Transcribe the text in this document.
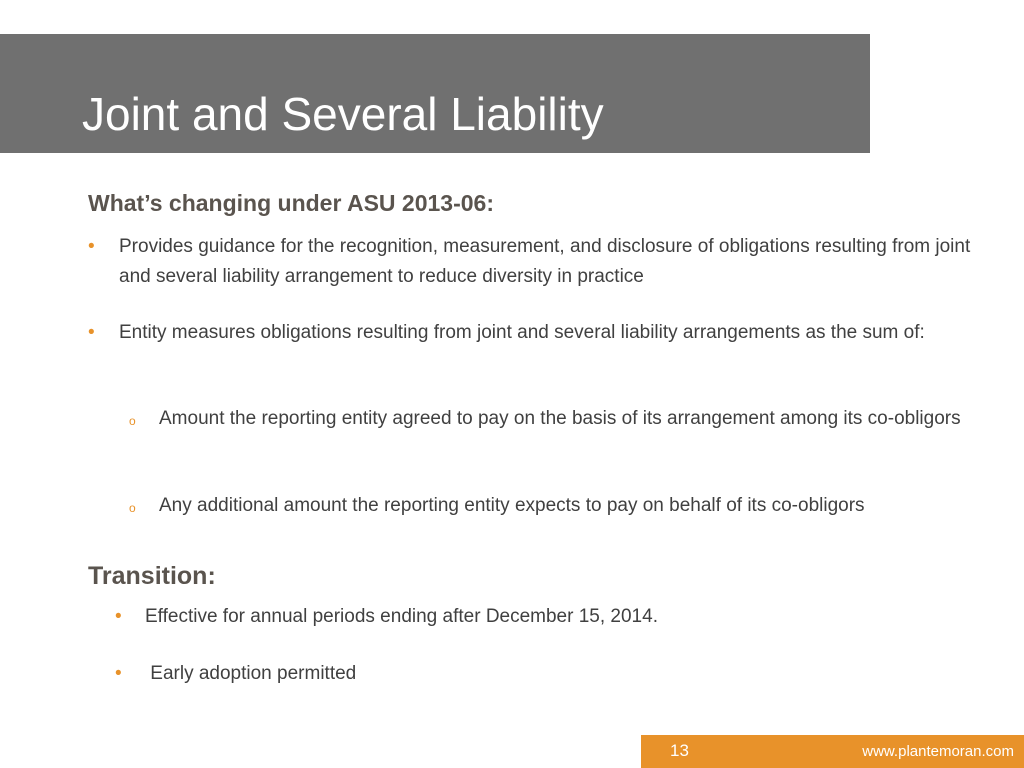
Joint and Several Liability
What’s changing under ASU 2013-06:
• Provides guidance for the recognition, measurement, and disclosure of obligations resulting from joint and several liability arrangement to reduce diversity in practice
• Entity measures obligations resulting from joint and several liability arrangements as the sum of:
o Amount the reporting entity agreed to pay on the basis of its arrangement among its co-obligors
o Any additional amount the reporting entity expects to pay on behalf of its co-obligors
Transition:
• Effective for annual periods ending after December 15, 2014.
• Early adoption permitted
13	www.plantemoran.com
